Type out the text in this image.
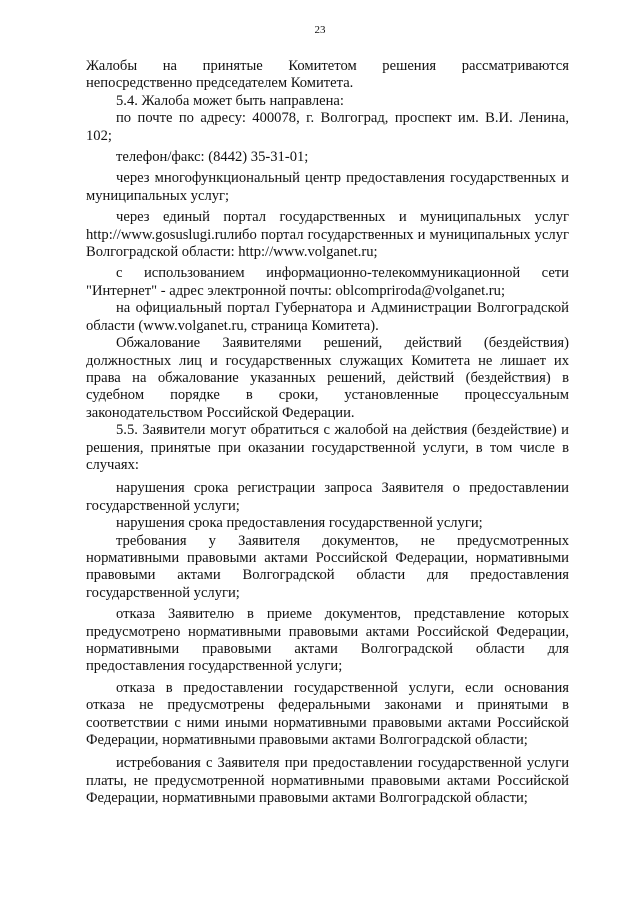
23

Жалобы на принятые Комитетом решения рассматриваются непосредственно председателем Комитета.

5.4. Жалоба может быть направлена:

по почте по адресу: 400078, г. Волгоград, проспект им. В.И. Ленина, 102;

телефон/факс: (8442) 35-31-01;

через многофункциональный центр предоставления государственных и муниципальных услуг;

через единый портал государственных и муниципальных услуг http://www.gosuslugi.ruлибо портал государственных и муниципальных услуг Волгоградской области: http://www.volganet.ru;

с использованием информационно-телекоммуникационной сети "Интернет" - адрес электронной почты: oblcomprіroda@volganet.ru;

на официальный портал Губернатора и Администрации Волгоградской области (www.volganet.ru, страница Комитета).

Обжалование Заявителями решений, действий (бездействия) должностных лиц и государственных служащих Комитета не лишает их права на обжалование указанных решений, действий (бездействия) в судебном порядке в сроки, установленные процессуальным законодательством Российской Федерации.

5.5. Заявители могут обратиться с жалобой на действия (бездействие) и решения, принятые при оказании государственной услуги, в том числе в случаях:

нарушения срока регистрации запроса Заявителя о предоставлении государственной услуги;

нарушения срока предоставления государственной услуги;

требования у Заявителя документов, не предусмотренных нормативными правовыми актами Российской Федерации, нормативными правовыми актами Волгоградской области для предоставления государственной услуги;

отказа Заявителю в приеме документов, представление которых предусмотрено нормативными правовыми актами Российской Федерации, нормативными правовыми актами Волгоградской области для предоставления государственной услуги;

отказа в предоставлении государственной услуги, если основания отказа не предусмотрены федеральными законами и принятыми в соответствии с ними иными нормативными правовыми актами Российской Федерации, нормативными правовыми актами Волгоградской области;

истребования с Заявителя при предоставлении государственной услуги платы, не предусмотренной нормативными правовыми актами Российской Федерации, нормативными правовыми актами Волгоградской области;
